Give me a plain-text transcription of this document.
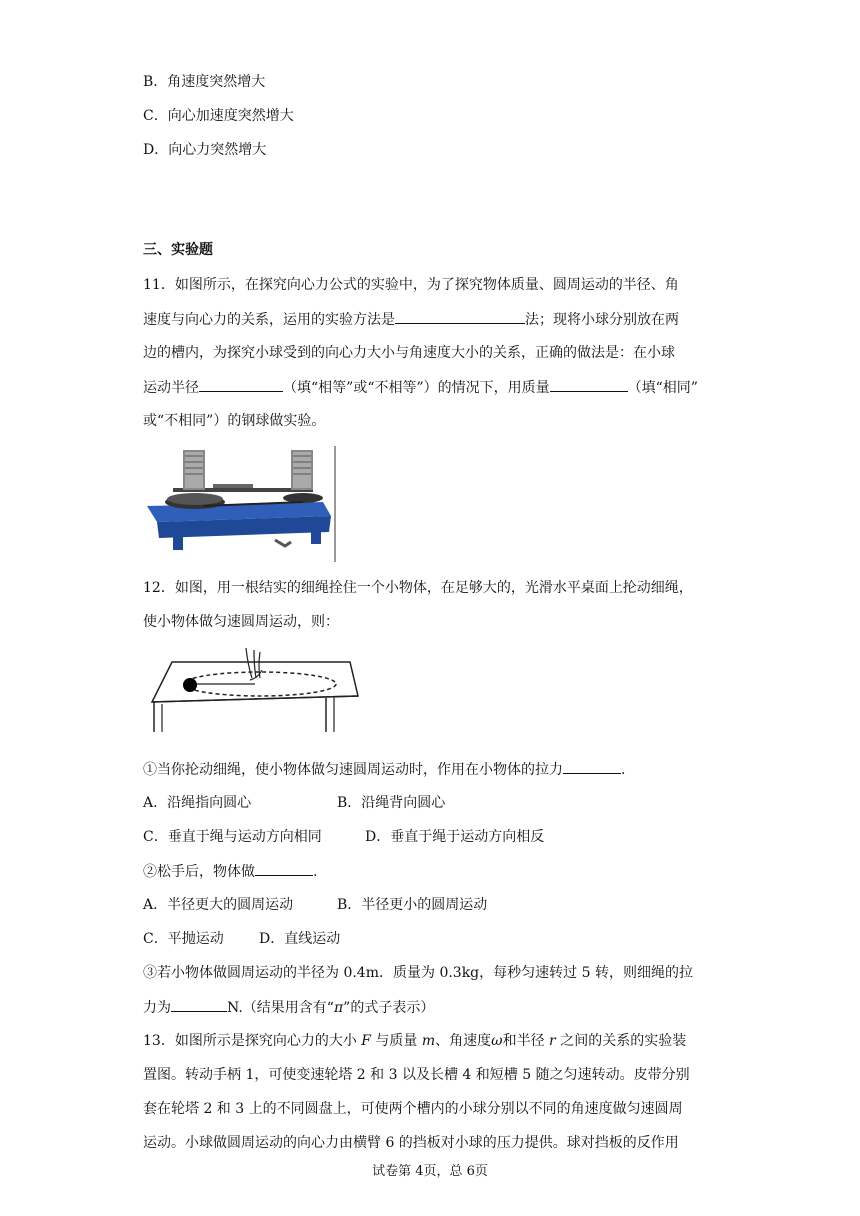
B．角速度突然增大
C．向心加速度突然增大
D．向心力突然增大
三、实验题
11．如图所示，在探究向心力公式的实验中，为了探究物体质量、圆周运动的半径、角
速度与向心力的关系，运用的实验方法是	法；现将小球分别放在两
边的槽内，为探究小球受到的向心力大小与角速度大小的关系，正确的做法是：在小球
运动半径	（填“相等”或“不相等”）的情况下，用质量	（填“相同”
或“不相同”）的钢球做实验。
12．如图，用一根结实的细绳拴住一个小物体，在足够大的，光滑水平桌面上抡动细绳，
使小物体做匀速圆周运动，则：
①当你抡动细绳，使小物体做匀速圆周运动时，作用在小物体的拉力	.
A．沿绳指向圆心	B．沿绳背向圆心
C．垂直于绳与运动方向相同	D．垂直于绳于运动方向相反
②松手后，物体做	.
A．半径更大的圆周运动	B．半径更小的圆周运动
C．平抛运动	D．直线运动
③若小物体做圆周运动的半径为 0.4m．质量为 0.3kg，每秒匀速转过 5 转，则细绳的拉
力为	N.（结果用含有“π”的式子表示）
13．如图所示是探究向心力的大小 F 与质量 m、角速度ω和半径 r 之间的关系的实验装
置图。转动手柄 1，可使变速轮塔 2 和 3 以及长槽 4 和短槽 5 随之匀速转动。皮带分别
套在轮塔 2 和 3 上的不同圆盘上，可使两个槽内的小球分别以不同的角速度做匀速圆周
运动。小球做圆周运动的向心力由横臂 6 的挡板对小球的压力提供。球对挡板的反作用
试卷第 4页，总 6页
